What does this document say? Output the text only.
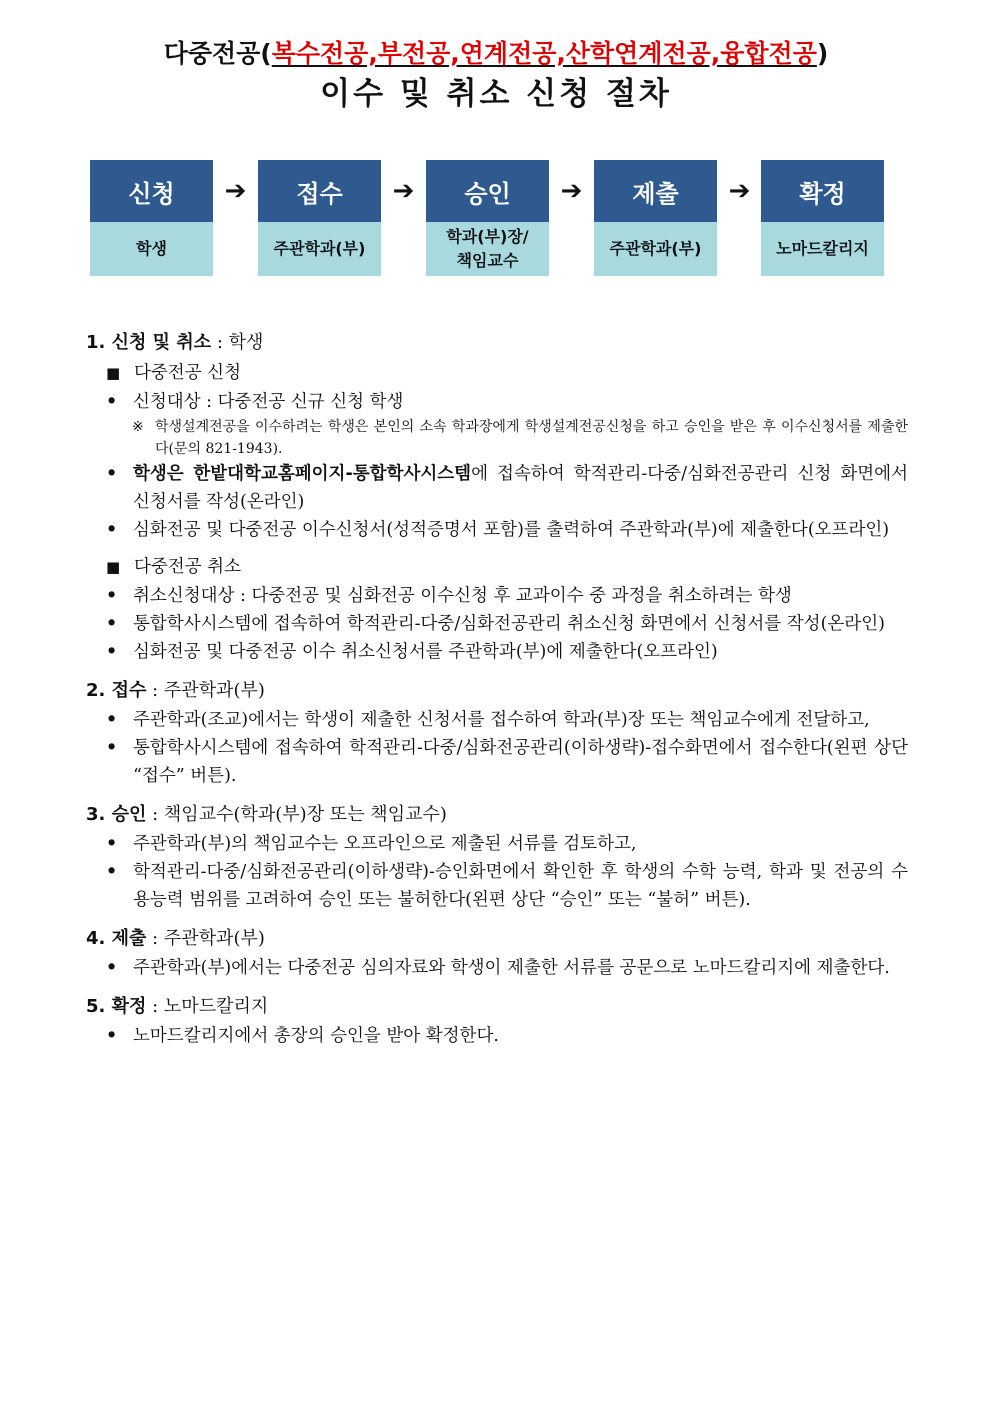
다중전공(복수전공,부전공,연계전공,산학연계전공,융합전공)
이수 및 취소 신청 절차
신청
학생
➔	접수
주관학과(부)
➔	승인
학과(부)장/
책임교수
➔	제출
주관학과(부)
➔	확정
노마드칼리지
1. 신청 및 취소 : 학생
■ 다중전공 신청
• 신청대상 : 다중전공 신규 신청 학생
※ 학생설계전공을 이수하려는 학생은 본인의 소속 학과장에게 학생설계전공신청을 하고 승인을 받은 후 이수신청서를 제출한다(문의 821-1943).
• 학생은 한밭대학교홈페이지-통합학사시스템에 접속하여 학적관리-다중/심화전공관리 신청 화면에서 신청서를 작성(온라인)
• 심화전공 및 다중전공 이수신청서(성적증명서 포함)를 출력하여 주관학과(부)에 제출한다(오프라인)
■ 다중전공 취소
• 취소신청대상 : 다중전공 및 심화전공 이수신청 후 교과이수 중 과정을 취소하려는 학생
• 통합학사시스템에 접속하여 학적관리-다중/심화전공관리 취소신청 화면에서 신청서를 작성(온라인)
• 심화전공 및 다중전공 이수 취소신청서를 주관학과(부)에 제출한다(오프라인)
2. 접수 : 주관학과(부)
• 주관학과(조교)에서는 학생이 제출한 신청서를 접수하여 학과(부)장 또는 책임교수에게 전달하고,
• 통합학사시스템에 접속하여 학적관리-다중/심화전공관리(이하생략)-접수화면에서 접수한다(왼편 상단 “접수” 버튼).
3. 승인 : 책임교수(학과(부)장 또는 책임교수)
• 주관학과(부)의 책임교수는 오프라인으로 제출된 서류를 검토하고,
• 학적관리-다중/심화전공관리(이하생략)-승인화면에서 확인한 후 학생의 수학 능력, 학과 및 전공의 수용능력 범위를 고려하여 승인 또는 불허한다(왼편 상단 “승인” 또는 “불허” 버튼).
4. 제출 : 주관학과(부)
• 주관학과(부)에서는 다중전공 심의자료와 학생이 제출한 서류를 공문으로 노마드칼리지에 제출한다.
5. 확정 : 노마드칼리지
• 노마드칼리지에서 총장의 승인을 받아 확정한다.
